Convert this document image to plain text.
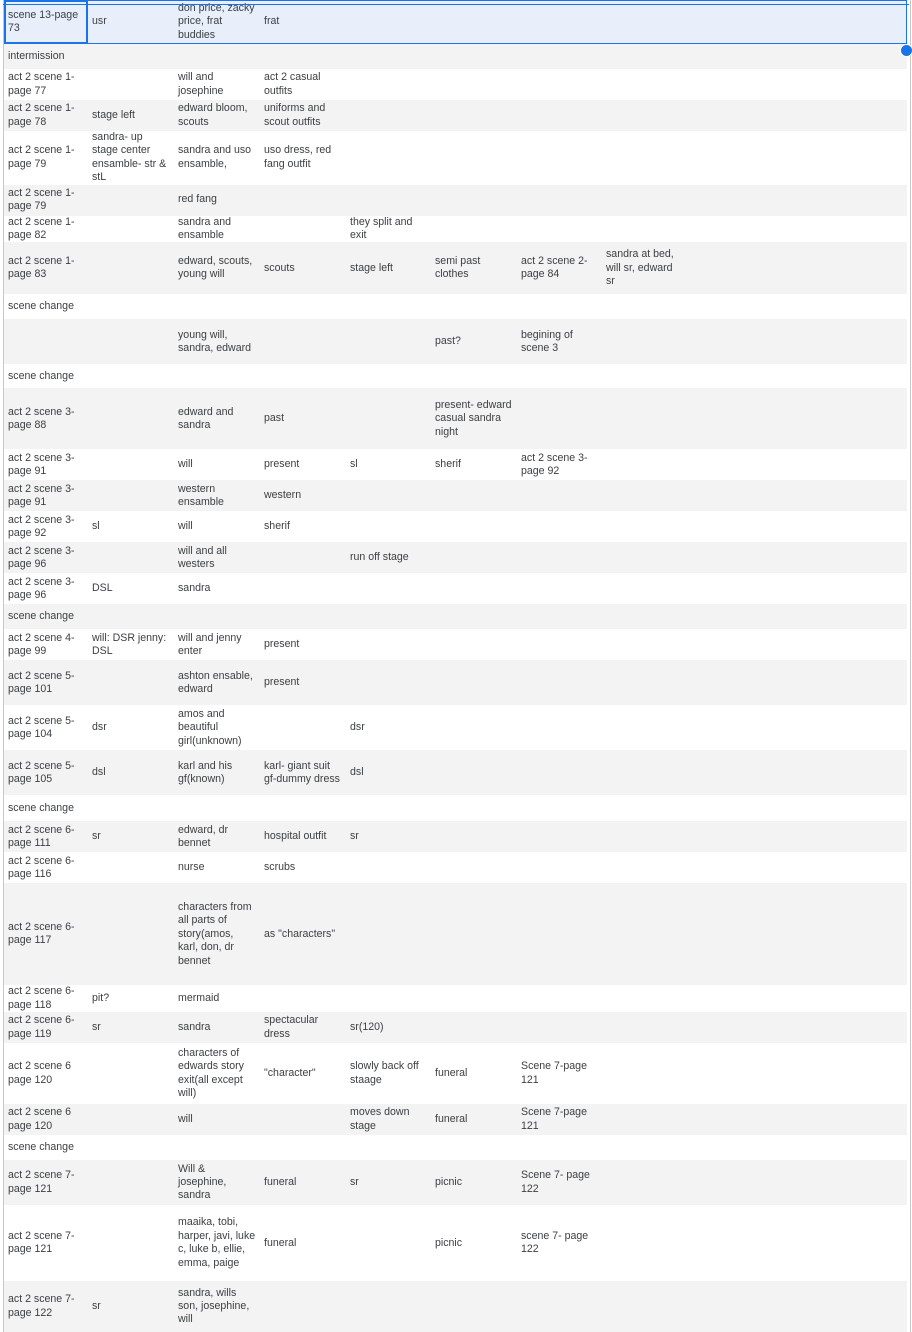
scene 13-page 73	usr	don price, zacky price, frat buddies	frat						
intermission									
act 2 scene 1-page 77		will and josephine	act 2 casual outfits						
act 2 scene 1-page 78	stage left	edward bloom, scouts	uniforms and scout outfits						
act 2 scene 1-page 79	sandra- up stage center ensamble- str & stL	sandra and uso ensamble,	uso dress, red fang outfit						
act 2 scene 1-page 79		red fang							
act 2 scene 1-page 82		sandra and ensamble		they split and exit					
act 2 scene 1-page 83		edward, scouts, young will	scouts	stage left	semi past clothes	act 2 scene 2-page 84	sandra at bed, will sr, edward sr		
scene change									
		young will, sandra, edward			past?	begining of scene 3			
scene change									
act 2 scene 3-page 88		edward and sandra	past		present- edward casual sandra night				
act 2 scene 3-page 91		will	present	sl	sherif	act 2 scene 3-page 92			
act 2 scene 3-page 91		western ensamble	western						
act 2 scene 3-page 92	sl	will	sherif						
act 2 scene 3-page 96		will and all westers		run off stage					
act 2 scene 3-page 96	DSL	sandra							
scene change									
act 2 scene 4-page 99	will: DSR jenny: DSL	will and jenny enter	present						
act 2 scene 5-page 101		ashton ensable, edward	present						
act 2 scene 5-page 104	dsr	amos and beautiful girl(unknown)		dsr					
act 2 scene 5-page 105	dsl	karl and his gf(known)	karl- giant suit gf-dummy dress	dsl					
scene change									
act 2 scene 6-page 111	sr	edward, dr bennet	hospital outfit	sr					
act 2 scene 6-page 116		nurse	scrubs						
act 2 scene 6-page 117		characters from all parts of story(amos, karl, don, dr bennet	as "characters"						
act 2 scene 6-page 118	pit?	mermaid							
act 2 scene 6-page 119	sr	sandra	spectacular dress	sr(120)					
act 2 scene 6 page 120		characters of edwards story exit(all except will)	"character"	slowly back off staage	funeral	Scene 7-page 121			
act 2 scene 6 page 120		will		moves down stage	funeral	Scene 7-page 121			
scene change									
act 2 scene 7-page 121		Will & josephine, sandra	funeral	sr	picnic	Scene 7- page 122			
act 2 scene 7-page 121		maaika, tobi, harper, javi, luke c, luke b, ellie, emma, paige	funeral		picnic	scene 7- page 122			
act 2 scene 7-page 122	sr	sandra, wills son, josephine, will							
